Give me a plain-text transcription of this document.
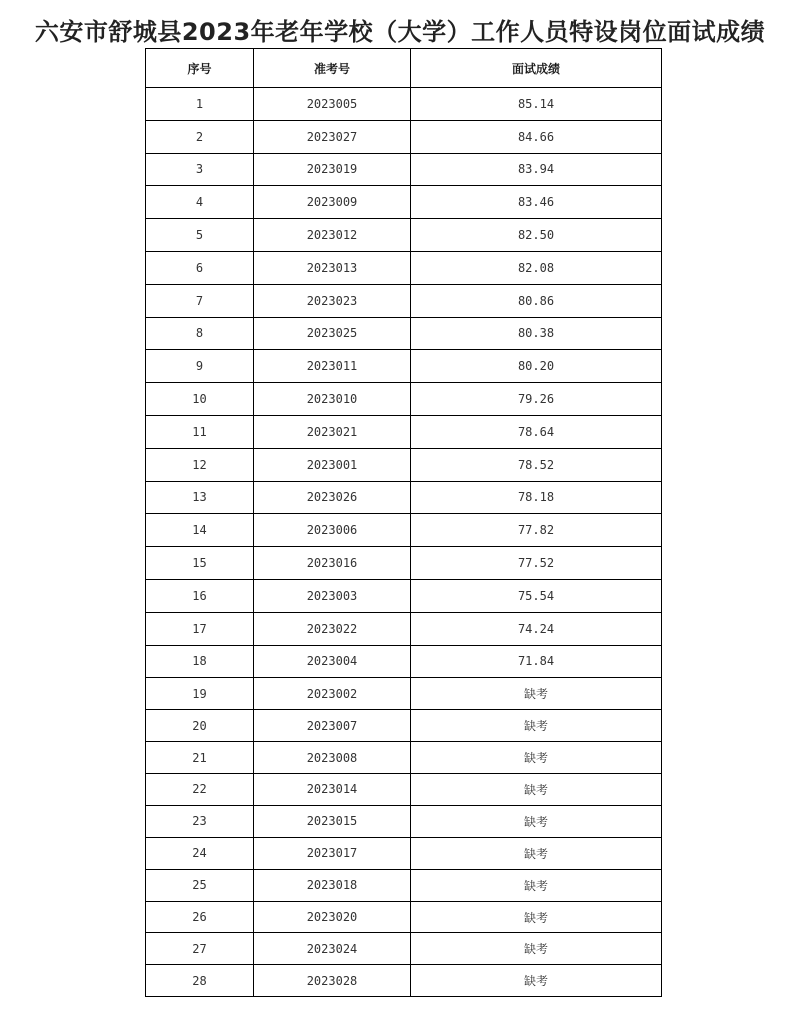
六安市舒城县2023年老年学校（大学）工作人员特设岗位面试成绩
序号	准考号	面试成绩
1	2023005	85.14
2	2023027	84.66
3	2023019	83.94
4	2023009	83.46
5	2023012	82.50
6	2023013	82.08
7	2023023	80.86
8	2023025	80.38
9	2023011	80.20
10	2023010	79.26
11	2023021	78.64
12	2023001	78.52
13	2023026	78.18
14	2023006	77.82
15	2023016	77.52
16	2023003	75.54
17	2023022	74.24
18	2023004	71.84
19	2023002	缺考
20	2023007	缺考
21	2023008	缺考
22	2023014	缺考
23	2023015	缺考
24	2023017	缺考
25	2023018	缺考
26	2023020	缺考
27	2023024	缺考
28	2023028	缺考
